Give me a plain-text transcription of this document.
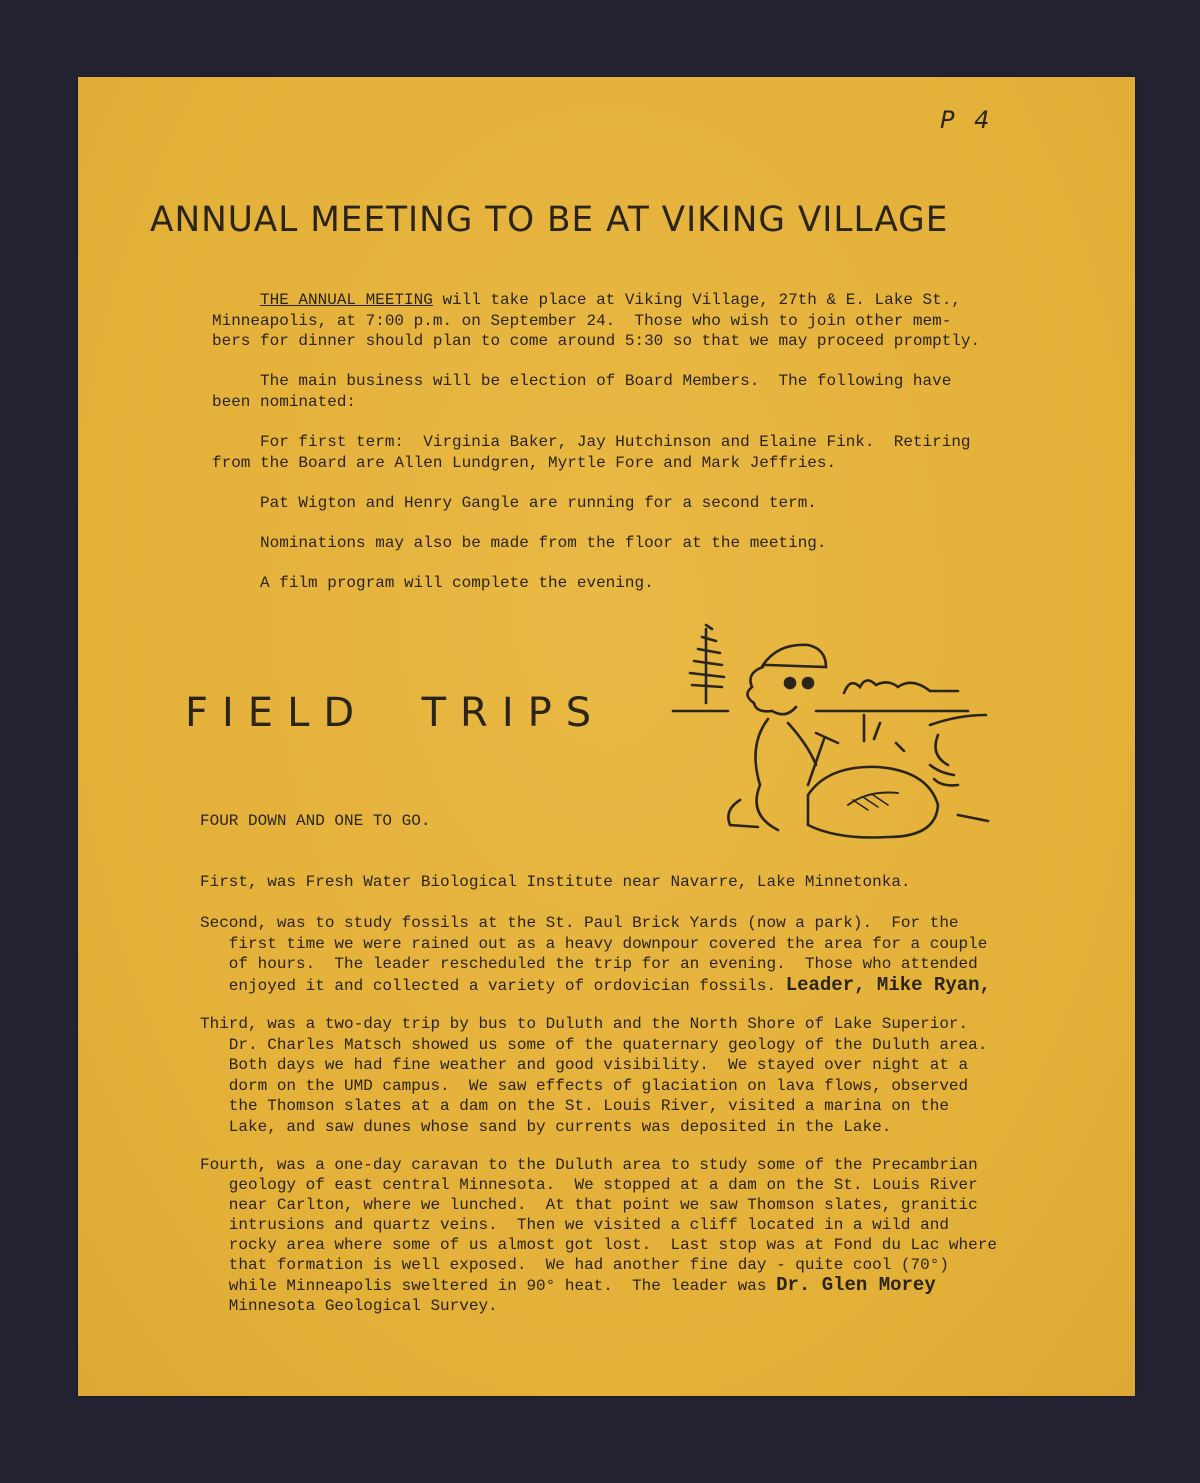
P 4
ANNUAL MEETING TO BE AT VIKING VILLAGE
THE ANNUAL MEETING will take place at Viking Village, 27th & E. Lake St.,
Minneapolis, at 7:00 p.m. on September 24.  Those who wish to join other mem-
bers for dinner should plan to come around 5:30 so that we may proceed promptly.
The main business will be election of Board Members.  The following have
been nominated:
For first term:  Virginia Baker, Jay Hutchinson and Elaine Fink.  Retiring
from the Board are Allen Lundgren, Myrtle Fore and Mark Jeffries.
Pat Wigton and Henry Gangle are running for a second term.
Nominations may also be made from the floor at the meeting.
A film program will complete the evening.
FIELD  TRIPS
FOUR DOWN AND ONE TO GO.
First, was Fresh Water Biological Institute near Navarre, Lake Minnetonka.
Second, was to study fossils at the St. Paul Brick Yards (now a park).  For the
first time we were rained out as a heavy downpour covered the area for a couple
of hours.  The leader rescheduled the trip for an evening.  Those who attended
enjoyed it and collected a variety of ordovician fossils. Leader, Mike Ryan,
Third, was a two-day trip by bus to Duluth and the North Shore of Lake Superior.
Dr. Charles Matsch showed us some of the quaternary geology of the Duluth area.
Both days we had fine weather and good visibility.  We stayed over night at a
dorm on the UMD campus.  We saw effects of glaciation on lava flows, observed
the Thomson slates at a dam on the St. Louis River, visited a marina on the
Lake, and saw dunes whose sand by currents was deposited in the Lake.
Fourth, was a one-day caravan to the Duluth area to study some of the Precambrian
geology of east central Minnesota.  We stopped at a dam on the St. Louis River
near Carlton, where we lunched.  At that point we saw Thomson slates, granitic
intrusions and quartz veins.  Then we visited a cliff located in a wild and
rocky area where some of us almost got lost.  Last stop was at Fond du Lac where
that formation is well exposed.  We had another fine day - quite cool (70°)
while Minneapolis sweltered in 90° heat.  The leader was Dr. Glen Morey
Minnesota Geological Survey.
